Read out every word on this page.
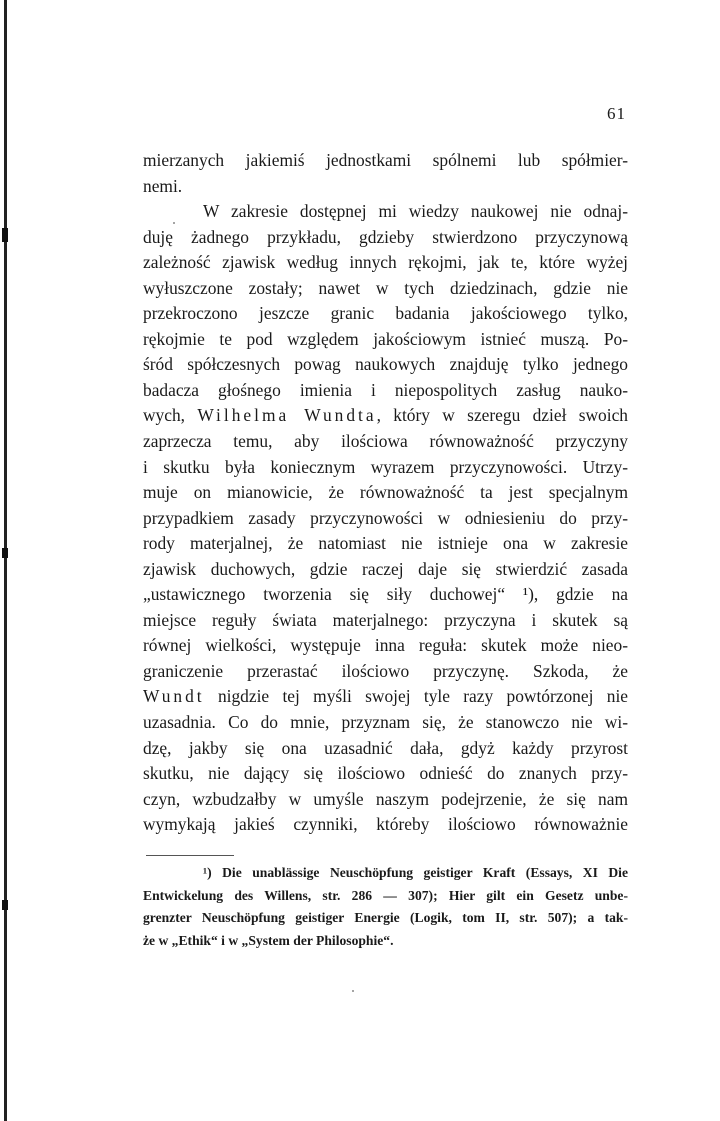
61
mierzanych jakiemiś jednostkami spólnemi lub spółmier-
nemi.
W zakresie dostępnej mi wiedzy naukowej nie odnaj-
duję żadnego przykładu, gdzieby stwierdzono przyczynową
zależność zjawisk według innych rękojmi, jak te, które wyżej
wyłuszczone zostały; nawet w tych dziedzinach, gdzie nie
przekroczono jeszcze granic badania jakościowego tylko,
rękojmie te pod względem jakościowym istnieć muszą. Po-
śród spółczesnych powag naukowych znajduję tylko jednego
badacza głośnego imienia i niepospolitych zasług nauko-
wych, Wilhelma Wundta, który w szeregu dzieł swoich
zaprzecza temu, aby ilościowa równoważność przyczyny
i skutku była koniecznym wyrazem przyczynowości. Utrzy-
muje on mianowicie, że równoważność ta jest specjalnym
przypadkiem zasady przyczynowości w odniesieniu do przy-
rody materjalnej, że natomiast nie istnieje ona w zakresie
zjawisk duchowych, gdzie raczej daje się stwierdzić zasada
„ustawicznego tworzenia się siły duchowej“ ¹), gdzie na
miejsce reguły świata materjalnego: przyczyna i skutek są
równej wielkości, występuje inna reguła: skutek może nieo-
graniczenie przerastać ilościowo przyczynę. Szkoda, że
Wundt nigdzie tej myśli swojej tyle razy powtórzonej nie
uzasadnia. Co do mnie, przyznam się, że stanowczo nie wi-
dzę, jakby się ona uzasadnić dała, gdyż każdy przyrost
skutku, nie dający się ilościowo odnieść do znanych przy-
czyn, wzbudzałby w umyśle naszym podejrzenie, że się nam
wymykają jakieś czynniki, któreby ilościowo równoważnie
¹) Die unablässige Neuschöpfung geistiger Kraft (Essays, XI Die
Entwickelung des Willens, str. 286 — 307); Hier gilt ein Gesetz unbe-
grenzter Neuschöpfung geistiger Energie (Logik, tom II, str. 507); a tak-
że w „Ethik“ i w „System der Philosophie“.
